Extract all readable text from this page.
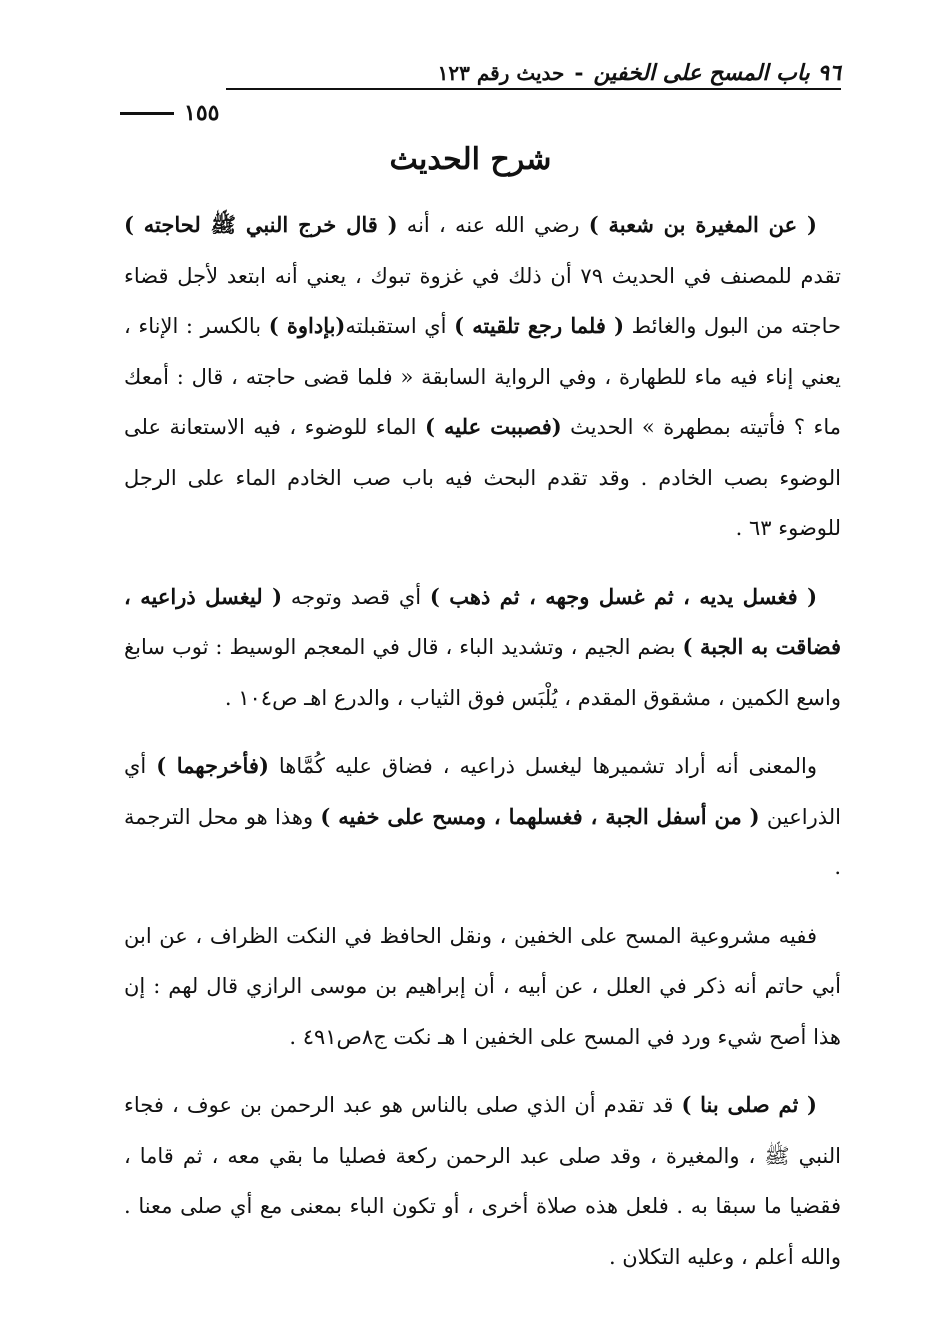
٩٦ باب المسح على الخفين
-
حديث رقم ١٢٣
١٥٥
شرح الحديث

( عن المغيرة بن شعبة ) رضي الله عنه ، أنه ( قال خرج النبي ﷺ لحاجته ) تقدم للمصنف في الحديث ٧٩ أن ذلك في غزوة تبوك ، يعني أنه ابتعد لأجل قضاء حاجته من البول والغائط ( فلما رجع تلقيته ) أي استقبلته(بإداوة ) بالكسر : الإناء ، يعني إناء فيه ماء للطهارة ، وفي الرواية السابقة « فلما قضى حاجته ، قال : أمعك ماء ؟ فأتيته بمطهرة » الحديث (فصببت عليه ) الماء للوضوء ، فيه الاستعانة على الوضوء بصب الخادم . وقد تقدم البحث فيه باب صب الخادم الماء على الرجل للوضوء ٦٣ .

( فغسل يديه ، ثم غسل وجهه ، ثم ذهب ) أي قصد وتوجه ( ليغسل ذراعيه ، فضاقت به الجبة ) بضم الجيم ، وتشديد الباء ، قال في المعجم الوسيط : ثوب سابغ واسع الكمين ، مشقوق المقدم ، يُلْبَس فوق الثياب ، والدرع اهـ ص١٠٤ .

والمعنى أنه أراد تشميرها ليغسل ذراعيه ، فضاق عليه كُمَّاها (فأخرجهما ) أي الذراعين ( من أسفل الجبة ، فغسلهما ، ومسح على خفيه ) وهذا هو محل الترجمة .

ففيه مشروعية المسح على الخفين ، ونقل الحافظ في النكت الظراف ، عن ابن أبي حاتم أنه ذكر في العلل ، عن أبيه ، أن إبراهيم بن موسى الرازي قال لهم : إن هذا أصح شيء ورد في المسح على الخفين ا هـ نكت ج٨ص٤٩١ .

( ثم صلى بنا ) قد تقدم أن الذي صلى بالناس هو عبد الرحمن بن عوف ، فجاء النبي ﷺ ، والمغيرة ، وقد صلى عبد الرحمن ركعة فصليا ما بقي معه ، ثم قاما ، فقضيا ما سبقا به . فلعل هذه صلاة أخرى ، أو تكون الباء بمعنى مع أي صلى معنا . والله أعلم ، وعليه التكلان .
